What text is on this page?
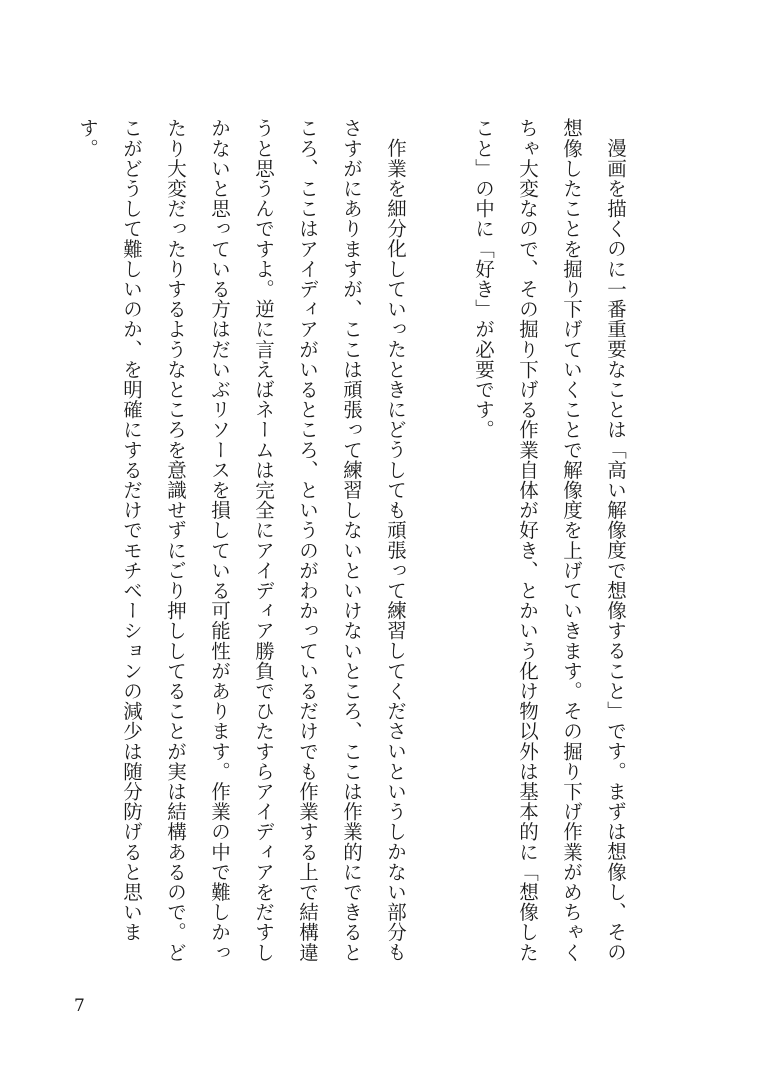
漫画を描くのに一番重要なことは「高い解像度で想像すること」です。まずは想像し、その想像したことを掘り下げていくことで解像度を上げていきます。その掘り下げ作業がめちゃくちゃ大変なので、その掘り下げる作業自体が好き、とかいう化け物以外は基本的に「想像したこと」の中に「好き」が必要です。

作業を細分化していったときにどうしても頑張って練習してくださいというしかない部分もさすがにありますが、ここは頑張って練習しないといけないところ、ここは作業的にできるところ、ここはアイディアがいるところ、というのがわかっているだけでも作業する上で結構違うと思うんですよ。逆に言えばネームは完全にアイディア勝負でひたすらアイディアをだすしかないと思っている方はだいぶリソースを損している可能性があります。作業の中で難しかったり大変だったりするようなところを意識せずにごり押ししてることが実は結構あるので。どこがどうして難しいのか、を明確にするだけでモチベーションの減少は随分防げると思います。

7
